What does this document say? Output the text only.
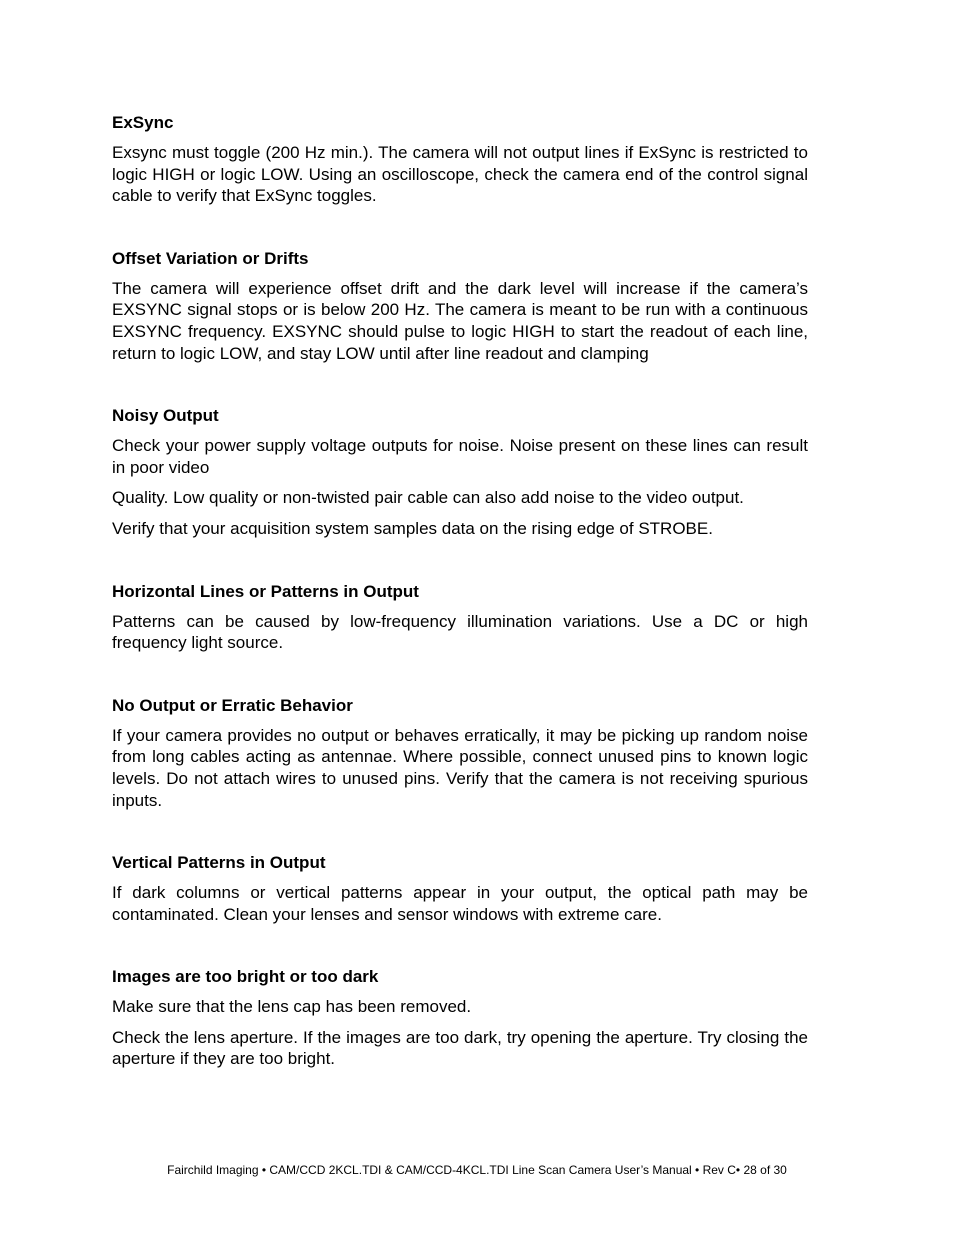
ExSync

Exsync must toggle (200 Hz min.). The camera will not output lines if ExSync is restricted to logic HIGH or logic LOW. Using an oscilloscope, check the camera end of the control signal cable to verify that ExSync toggles.

Offset Variation or Drifts

The camera will experience offset drift and the dark level will increase if the camera’s EXSYNC signal stops or is below 200 Hz. The camera is meant to be run with a continuous EXSYNC frequency. EXSYNC should pulse to logic HIGH to start the readout of each line, return to logic LOW, and stay LOW until after line readout and clamping

Noisy Output

Check your power supply voltage outputs for noise. Noise present on these lines can result in poor video

Quality. Low quality or non-twisted pair cable can also add noise to the video output.

Verify that your acquisition system samples data on the rising edge of STROBE.

Horizontal Lines or Patterns in Output

Patterns can be caused by low-frequency illumination variations. Use a DC or high frequency light source.

No Output or Erratic Behavior

If your camera provides no output or behaves erratically, it may be picking up random noise from long cables acting as antennae. Where possible, connect unused pins to known logic levels. Do not attach wires to unused pins. Verify that the camera is not receiving spurious inputs.

Vertical Patterns in Output

If dark columns or vertical patterns appear in your output, the optical path may be contaminated. Clean your lenses and sensor windows with extreme care.

Images are too bright or too dark

Make sure that the lens cap has been removed.

Check the lens aperture. If the images are too dark, try opening the aperture. Try closing the aperture if they are too bright.

Fairchild Imaging • CAM/CCD 2KCL.TDI & CAM/CCD-4KCL.TDI Line Scan Camera User’s Manual • Rev C• 28 of 30
